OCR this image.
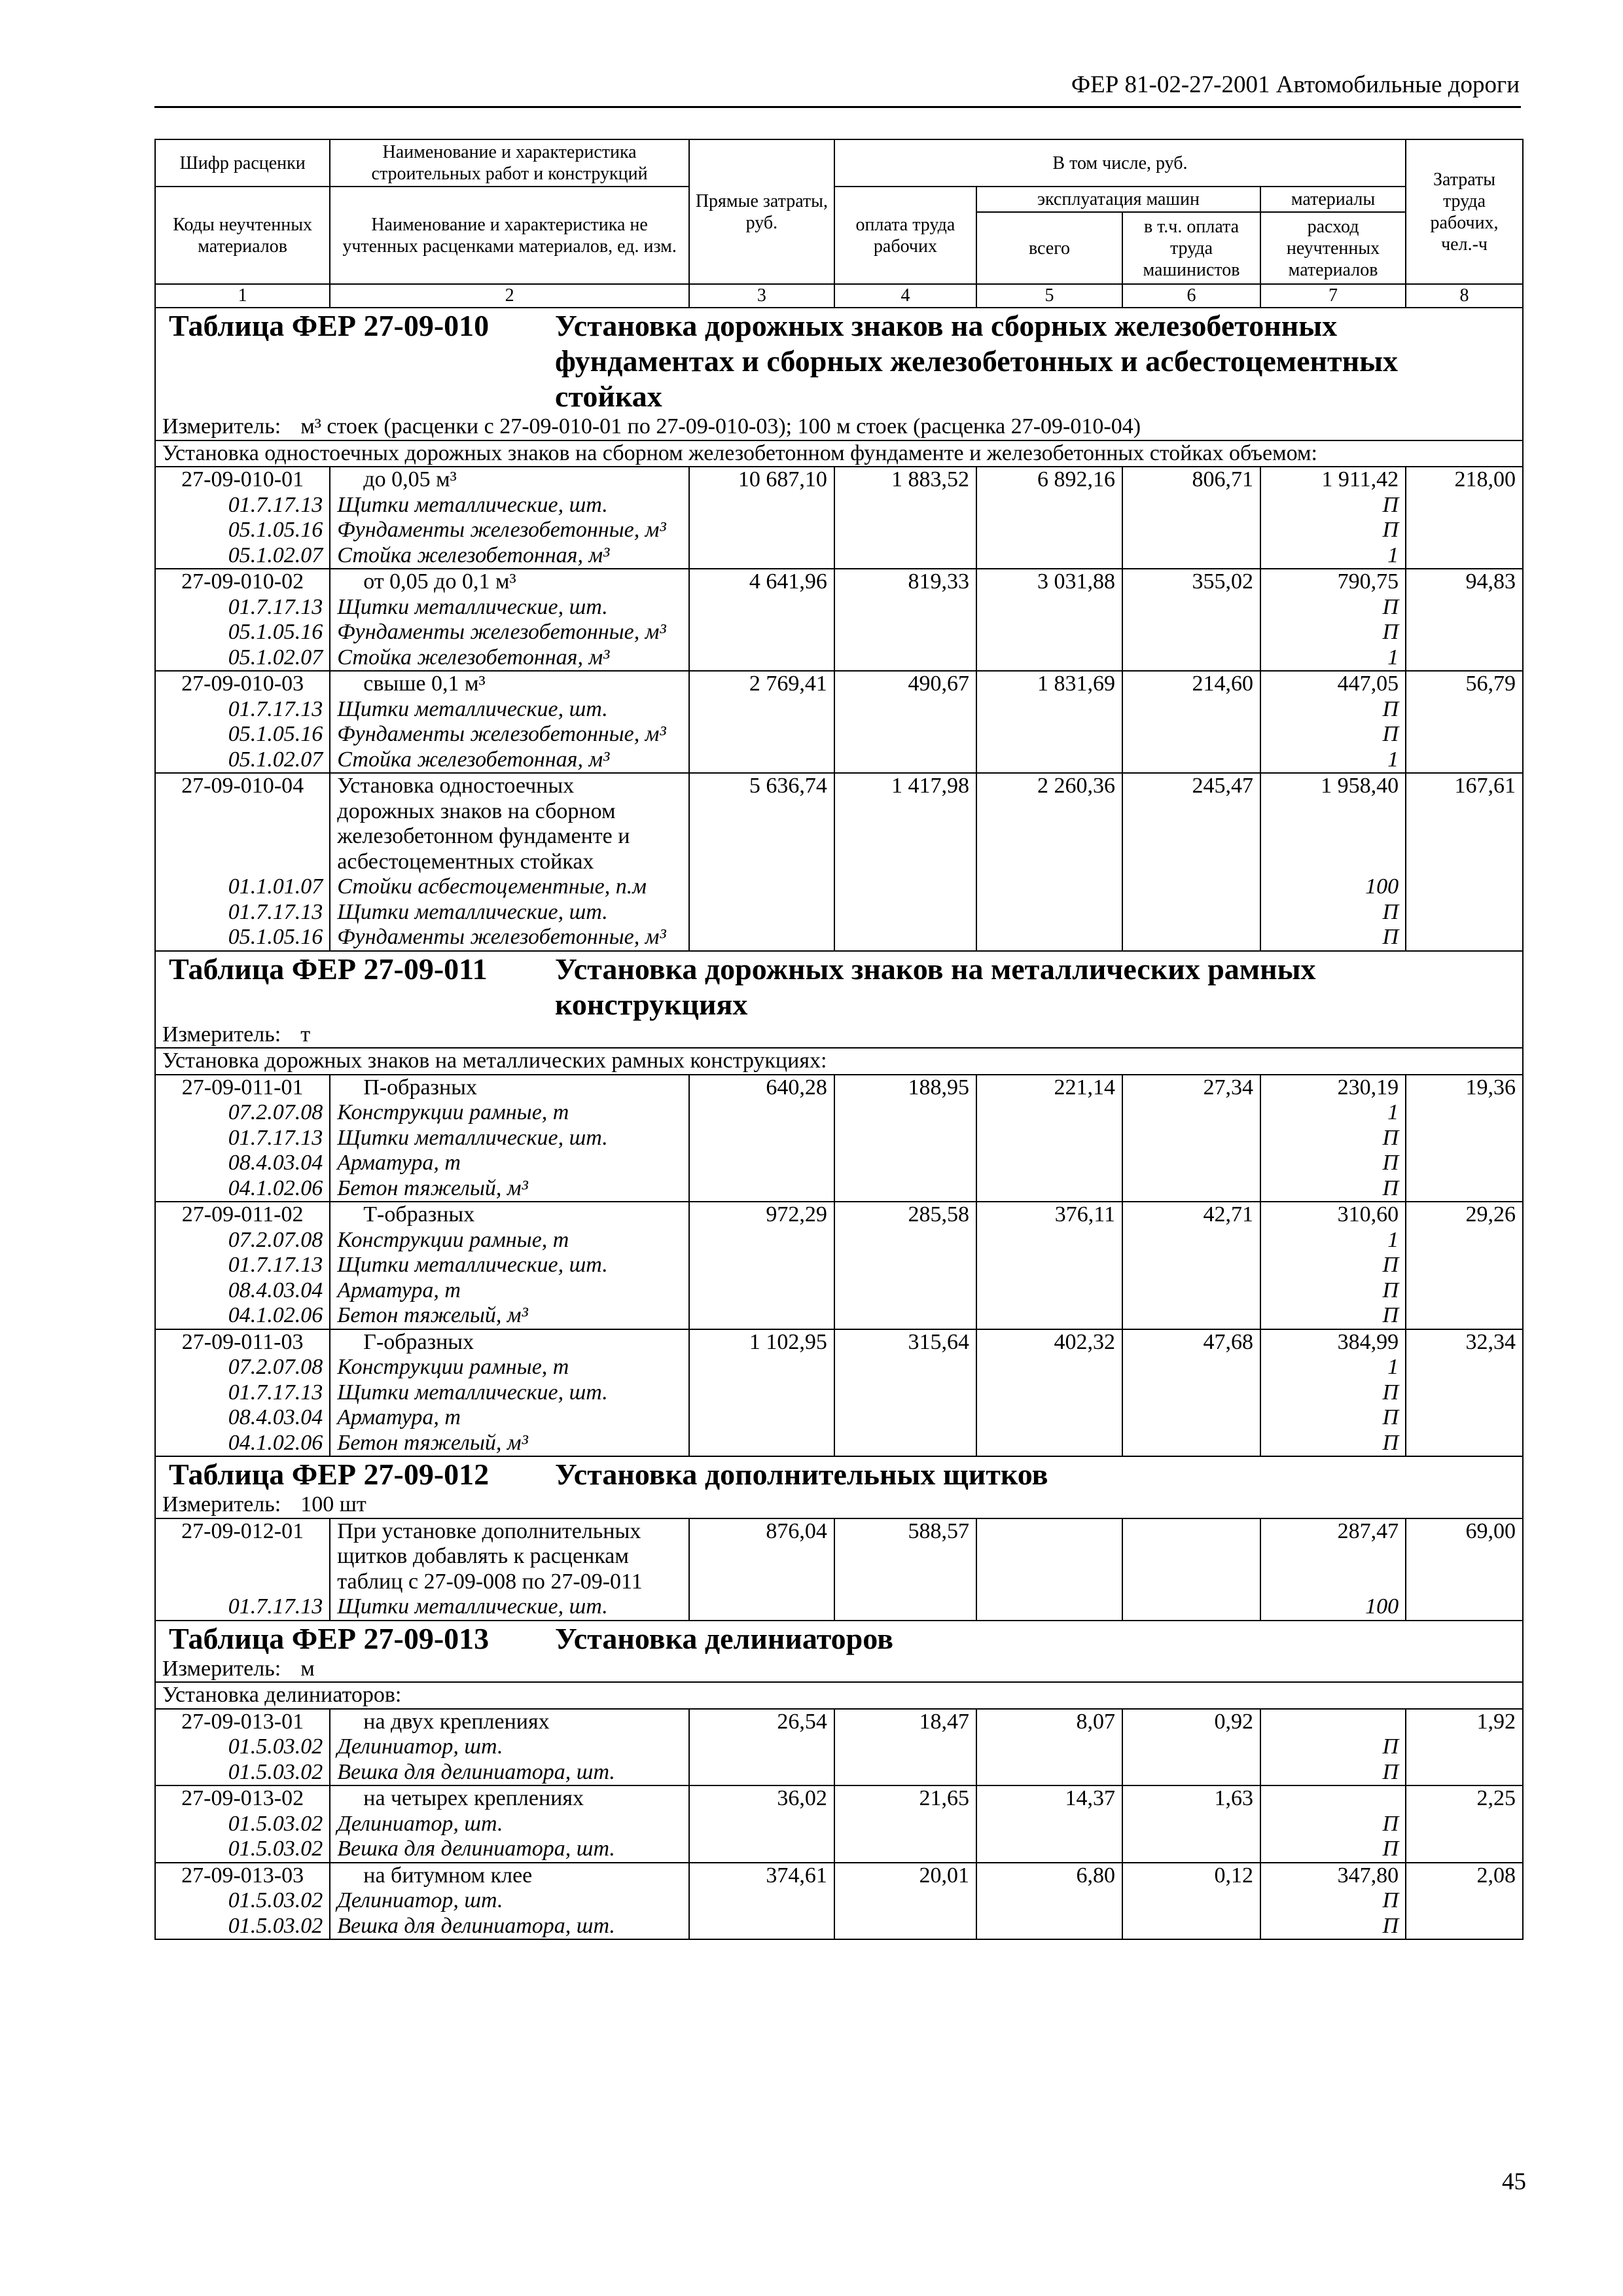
ФЕР 81-02-27-2001 Автомобильные дороги
Шифр расценки	Наименование и характеристика строительных работ и конструкций	Прямые затраты, руб.	В том числе, руб.				Затраты труда рабочих, чел.-ч
Коды неучтенных материалов	Наименование и характеристика не учтенных расценками материалов, ед. изм.		оплата труда рабочих	эксплуатация машин		материалы	
				всего	в т.ч. оплата труда машинистов	расход неучтенных материалов	
1	2	3	4	5	6	7	8

Таблица ФЕР 27-09-010 Установка дорожных знаков на сборных железобетонных фундаментах и сборных железобетонных и асбестоцементных стойках							

Измеритель: м³ стоек (расценки с 27-09-010-01 по 27-09-010-03); 100 м стоек (расценка 27-09-010-04)							
Установка одностоечных дорожных знаков на сборном железобетонном фундаменте и железобетонных стойках объемом:							
27-09-010-01	до 0,05 м³	10 687,10	1 883,52	6 892,16	806,71	1 911,42	218,00
01.7.17.13	Щитки металлические, шт.					П	
05.1.05.16	Фундаменты железобетонные, м³					П	
05.1.02.07	Стойка железобетонная, м³					1	
27-09-010-02	от 0,05 до 0,1 м³	4 641,96	819,33	3 031,88	355,02	790,75	94,83
01.7.17.13	Щитки металлические, шт.					П	
05.1.05.16	Фундаменты железобетонные, м³					П	
05.1.02.07	Стойка железобетонная, м³					1	
27-09-010-03	свыше 0,1 м³	2 769,41	490,67	1 831,69	214,60	447,05	56,79
01.7.17.13	Щитки металлические, шт.					П	
05.1.05.16	Фундаменты железобетонные, м³					П	
05.1.02.07	Стойка железобетонная, м³					1	
27-09-010-04	Установка одностоечных
дорожных знаков на сборном
железобетонном фундаменте и
асбестоцементных стойках	5 636,74	1 417,98	2 260,36	245,47	1 958,40	167,61
01.1.01.07	Стойки асбестоцементные, п.м					100	
01.7.17.13	Щитки металлические, шт.					П	
05.1.05.16	Фундаменты железобетонные, м³					П	

Таблица ФЕР 27-09-011 Установка дорожных знаков на металлических рамных конструкциях							

Измеритель: т							
Установка дорожных знаков на металлических рамных конструкциях:							
27-09-011-01	П-образных	640,28	188,95	221,14	27,34	230,19	19,36
07.2.07.08	Конструкции рамные, т					1	
01.7.17.13	Щитки металлические, шт.					П	
08.4.03.04	Арматура, т					П	
04.1.02.06	Бетон тяжелый, м³					П	
27-09-011-02	Т-образных	972,29	285,58	376,11	42,71	310,60	29,26
07.2.07.08	Конструкции рамные, т					1	
01.7.17.13	Щитки металлические, шт.					П	
08.4.03.04	Арматура, т					П	
04.1.02.06	Бетон тяжелый, м³					П	
27-09-011-03	Г-образных	1 102,95	315,64	402,32	47,68	384,99	32,34
07.2.07.08	Конструкции рамные, т					1	
01.7.17.13	Щитки металлические, шт.					П	
08.4.03.04	Арматура, т					П	
04.1.02.06	Бетон тяжелый, м³					П	

Таблица ФЕР 27-09-012 Установка дополнительных щитков							

Измеритель: 100 шт							
27-09-012-01	При установке дополнительных
щитков добавлять к расценкам
таблиц с 27-09-008 по 27-09-011	876,04	588,57			287,47	69,00
01.7.17.13	Щитки металлические, шт.					100	

Таблица ФЕР 27-09-013 Установка делиниаторов							

Измеритель: м							
Установка делиниаторов:							
27-09-013-01	на двух креплениях	26,54	18,47	8,07	0,92		1,92
01.5.03.02	Делиниатор, шт.					П	
01.5.03.02	Вешка для делиниатора, шт.					П	
27-09-013-02	на четырех креплениях	36,02	21,65	14,37	1,63		2,25
01.5.03.02	Делиниатор, шт.					П	
01.5.03.02	Вешка для делиниатора, шт.					П	
27-09-013-03	на битумном клее	374,61	20,01	6,80	0,12	347,80	2,08
01.5.03.02	Делиниатор, шт.					П	
01.5.03.02	Вешка для делиниатора, шт.					П	
45
